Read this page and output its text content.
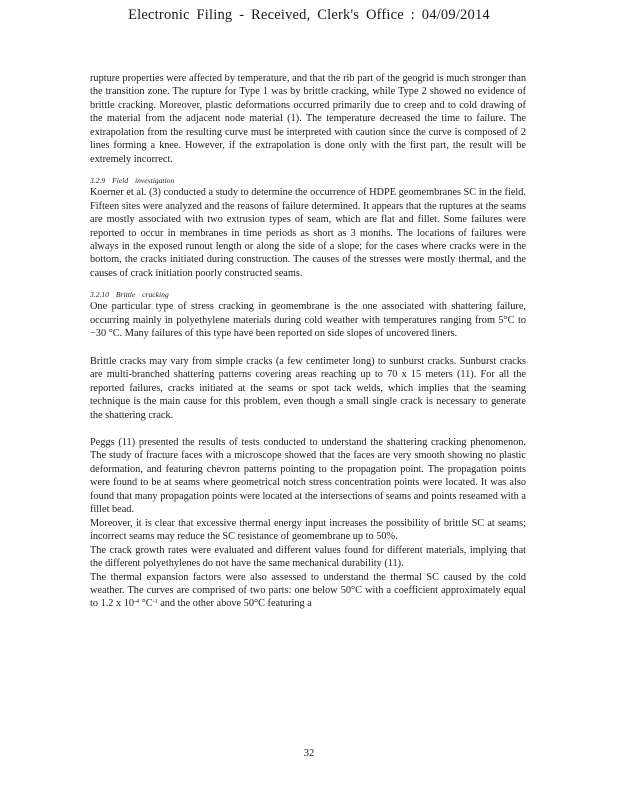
Electronic Filing - Received, Clerk's Office : 04/09/2014

rupture properties were affected by temperature, and that the rib part of the geogrid is much stronger than the transition zone. The rupture for Type 1 was by brittle cracking, while Type 2 showed no evidence of brittle cracking. Moreover, plastic deformations occurred primarily due to creep and to cold drawing of the material from the adjacent node material (1). The temperature decreased the time to failure. The extrapolation from the resulting curve must be interpreted with caution since the curve is composed of 2 lines forming a knee. However, if the extrapolation is done only with the first part, the result will be extremely incorrect.

3.2.9 Field investigation

Koerner et al. (3) conducted a study to determine the occurrence of HDPE geomembranes SC in the field. Fifteen sites were analyzed and the reasons of failure determined. It appears that the ruptures at the seams are mostly associated with two extrusion types of seam, which are flat and fillet. Some failures were reported to occur in membranes in time periods as short as 3 months. The locations of failures were always in the exposed runout length or along the side of a slope; for the cases where cracks were in the bottom, the cracks initiated during construction. The causes of the stresses were mostly thermal, and the causes of crack initiation poorly constructed seams.

3.2.10 Brittle cracking

One particular type of stress cracking in geomembrane is the one associated with shattering failure, occurring mainly in polyethylene materials during cold weather with temperatures ranging from 5°C to −30 °C. Many failures of this type have been reported on side slopes of uncovered liners.

Brittle cracks may vary from simple cracks (a few centimeter long) to sunburst cracks. Sunburst cracks are multi-branched shattering patterns covering areas reaching up to 70 x 15 meters (11). For all the reported failures, cracks initiated at the seams or spot tack welds, which implies that the seaming technique is the main cause for this problem, even though a small single crack is necessary to generate the shattering crack.

Peggs (11) presented the results of tests conducted to understand the shattering cracking phenomenon. The study of fracture faces with a microscope showed that the faces are very smooth showing no plastic deformation, and featuring chevron patterns pointing to the propagation point. The propagation points were found to be at seams where geometrical notch stress concentration points were located. It was also found that many propagation points were located at the intersections of seams and points reseamed with a fillet bead.

Moreover, it is clear that excessive thermal energy input increases the possibility of brittle SC at seams; incorrect seams may reduce the SC resistance of geomembrane up to 50%.

The crack growth rates were evaluated and different values found for different materials, implying that the different polyethylenes do not have the same mechanical durability (11).

The thermal expansion factors were also assessed to understand the thermal SC caused by the cold weather. The curves are comprised of two parts: one below 50°C with a coefficient approximately equal to 1.2 x $10^{-4}$ $^\circ C^{-1}$ and the other above 50°C featuring a

32
